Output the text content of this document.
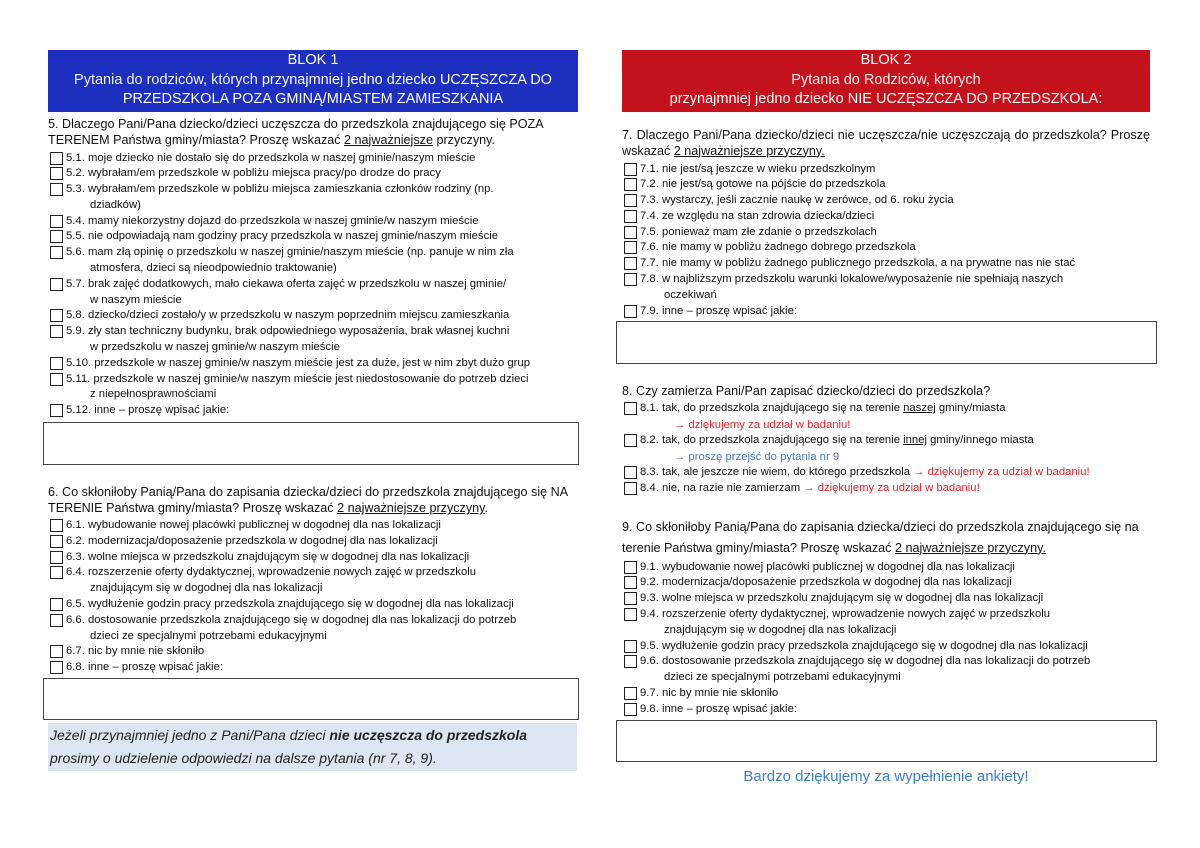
BLOK 1
Pytania do rodziców, których przynajmniej jedno dziecko UCZĘSZCZA DO PRZEDSZKOLA POZA GMINĄ/MIASTEM ZAMIESZKANIA

5. Dlaczego Pani/Pana dziecko/dzieci uczęszcza do przedszkola znajdującego się POZA TERENEM Państwa gminy/miasta? Proszę wskazać 2 najważniejsze przyczyny.

5.1. moje dziecko nie dostało się do przedszkola w naszej gminie/naszym mieście
5.2. wybrałam/em przedszkole w pobliżu miejsca pracy/po drodze do pracy
5.3. wybrałam/em przedszkole w pobliżu miejsca zamieszkania członków rodziny (np.
dziadków)
5.4. mamy niekorzystny dojazd do przedszkola w naszej gminie/w naszym mieście
5.5. nie odpowiadają nam godziny pracy przedszkola w naszej gminie/naszym mieście
5.6. mam złą opinię o przedszkolu w naszej gminie/naszym mieście (np. panuje w nim zła
atmosfera, dzieci są nieodpowiednio traktowanie)
5.7. brak zajęć dodatkowych, mało ciekawa oferta zajęć w przedszkolu w naszej gminie/
w naszym mieście
5.8. dziecko/dzieci zostało/y w przedszkolu w naszym poprzednim miejscu zamieszkania
5.9. zły stan techniczny budynku, brak odpowiedniego wyposażenia, brak własnej kuchni
w przedszkolu w naszej gminie/w naszym mieście
5.10. przedszkole w naszej gminie/w naszym mieście jest za duże, jest w nim zbyt dużo grup
5.11. przedszkole w naszej gminie/w naszym mieście jest niedostosowanie do potrzeb dzieci
z niepełnosprawnościami
5.12. inne – proszę wpisać jakie:

6. Co skłoniłoby Panią/Pana do zapisania dziecka/dzieci do przedszkola znajdującego się NA TERENIE Państwa gminy/miasta? Proszę wskazać 2 najważniejsze przyczyny.

6.1. wybudowanie nowej placówki publicznej w dogodnej dla nas lokalizacji
6.2. modernizacja/doposażenie przedszkola w dogodnej dla nas lokalizacji
6.3. wolne miejsca w przedszkolu znajdującym się w dogodnej dla nas lokalizacji
6.4. rozszerzenie oferty dydaktycznej, wprowadzenie nowych zajęć w przedszkolu
znajdującym się w dogodnej dla nas lokalizacji
6.5. wydłużenie godzin pracy przedszkola znajdującego się w dogodnej dla nas lokalizacji
6.6. dostosowanie przedszkola znajdującego się w dogodnej dla nas lokalizacji do potrzeb
dzieci ze specjalnymi potrzebami edukacyjnymi
6.7. nic by mnie nie skłoniło
6.8. inne – proszę wpisać jakie:
Jeżeli przynajmniej jedno z Pani/Pana dzieci nie uczęszcza do przedszkola prosimy o udzielenie odpowiedzi na dalsze pytania (nr 7, 8, 9).
BLOK 2
Pytania do Rodziców, których
przynajmniej jedno dziecko NIE UCZĘSZCZA DO PRZEDSZKOLA:

7. Dlaczego Pani/Pana dziecko/dzieci nie uczęszcza/nie uczęszczają do przedszkola? Proszę wskazać 2 najważniejsze przyczyny.

7.1. nie jest/są jeszcze w wieku przedszkolnym
7.2. nie jest/są gotowe na pójście do przedszkola
7.3. wystarczy, jeśli zacznie naukę w zerówce, od 6. roku życia
7.4. ze względu na stan zdrowia dziecka/dzieci
7.5. ponieważ mam złe zdanie o przedszkolach
7.6. nie mamy w pobliżu żadnego dobrego przedszkola
7.7. nie mamy w pobliżu żadnego publicznego przedszkola, a na prywatne nas nie stać
7.8. w najbliższym przedszkolu warunki lokalowe/wyposażenie nie spełniają naszych
oczekiwań
7.9. inne – proszę wpisać jakie:

8. Czy zamierza Pani/Pan zapisać dziecko/dzieci do przedszkola?

8.1. tak, do przedszkola znajdującego się na terenie naszej gminy/miasta
→ dziękujemy za udział w badaniu!
8.2. tak, do przedszkola znajdującego się na terenie innej gminy/innego miasta
→ proszę przejść do pytania nr 9
8.3. tak, ale jeszcze nie wiem, do którego przedszkola → dziękujemy za udział w badaniu!
8.4. nie, na razie nie zamierzam → dziękujemy za udział w badaniu!

9. Co skłoniłoby Panią/Pana do zapisania dziecka/dzieci do przedszkola znajdującego się na terenie Państwa gminy/miasta? Proszę wskazać 2 najważniejsze przyczyny.

9.1. wybudowanie nowej placówki publicznej w dogodnej dla nas lokalizacji
9.2. modernizacja/doposażenie przedszkola w dogodnej dla nas lokalizacji
9.3. wolne miejsca w przedszkolu znajdującym się w dogodnej dla nas lokalizacji
9.4. rozszerzenie oferty dydaktycznej, wprowadzenie nowych zajęć w przedszkolu
znajdującym się w dogodnej dla nas lokalizacji
9.5. wydłużenie godzin pracy przedszkola znajdującego się w dogodnej dla nas lokalizacji
9.6. dostosowanie przedszkola znajdującego się w dogodnej dla nas lokalizacji do potrzeb
dzieci ze specjalnymi potrzebami edukacyjnymi
9.7. nic by mnie nie skłoniło
9.8. inne – proszę wpisać jakie:
Bardzo dziękujemy za wypełnienie ankiety!
